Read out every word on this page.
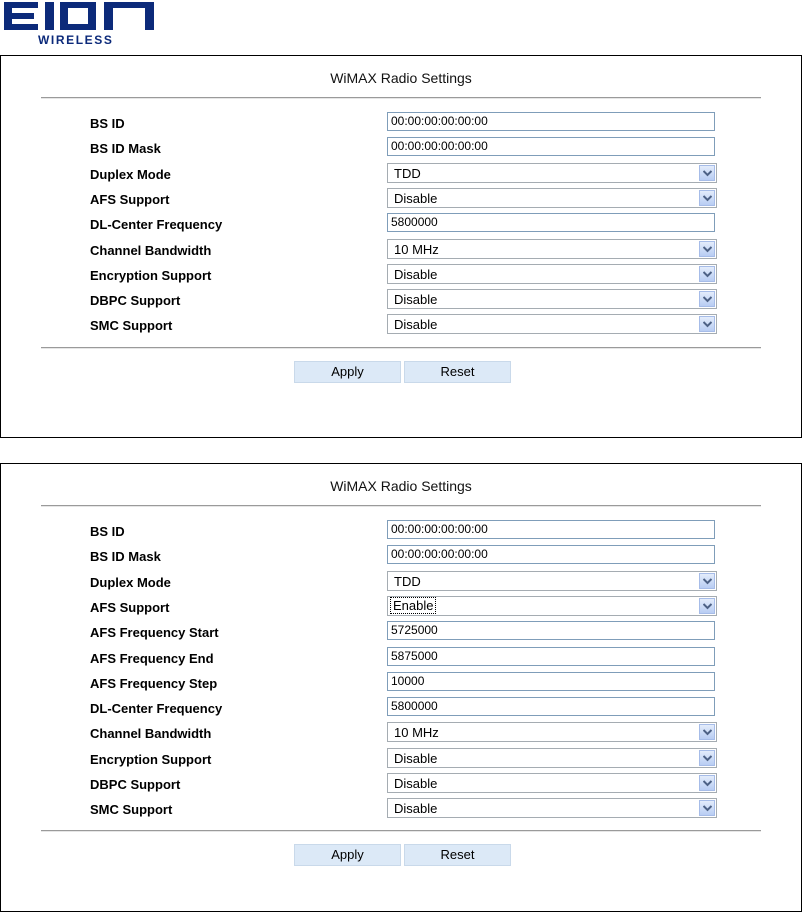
WIRELESS
WiMAX Radio Settings
BS ID	00:00:00:00:00:00
BS ID Mask	00:00:00:00:00:00
Duplex Mode	TDD
AFS Support	Disable
DL-Center Frequency	5800000
Channel Bandwidth	10 MHz
Encryption Support	Disable
DBPC Support	Disable
SMC Support	Disable
Apply	Reset
WiMAX Radio Settings
BS ID	00:00:00:00:00:00
BS ID Mask	00:00:00:00:00:00
Duplex Mode	TDD
AFS Support	Enable
AFS Frequency Start	5725000
AFS Frequency End	5875000
AFS Frequency Step	10000
DL-Center Frequency	5800000
Channel Bandwidth	10 MHz
Encryption Support	Disable
DBPC Support	Disable
SMC Support	Disable
Apply	Reset
